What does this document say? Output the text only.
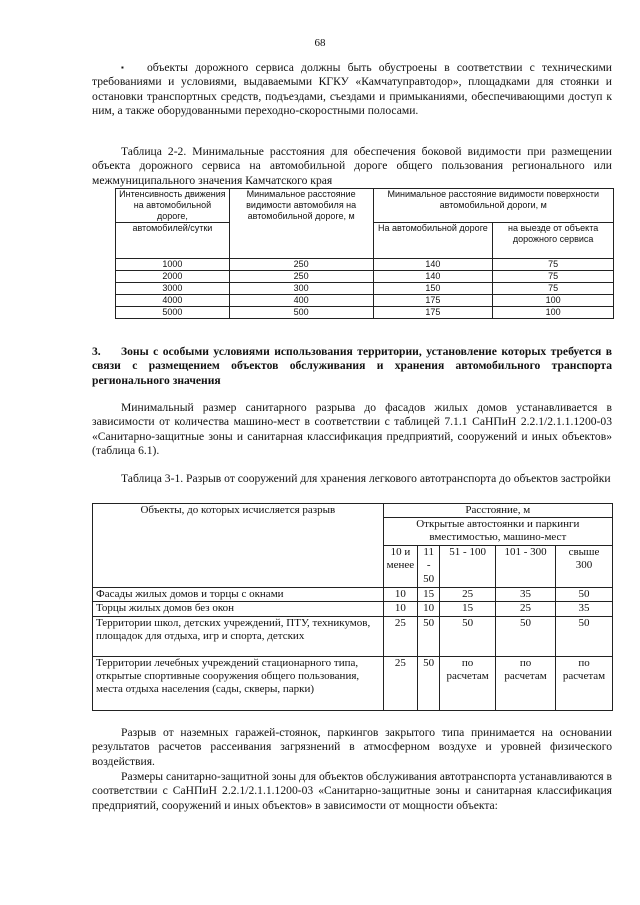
68
▪ объекты дорожного сервиса должны быть обустроены в соответствии с техническими требованиями и условиями, выдаваемыми КГКУ «Камчатуправтодор», площадками для стоянки и остановки транспортных средств, подъездами, съездами и примыканиями, обеспечивающими доступ к ним, а также оборудованными переходно-скоростными полосами.
Таблица 2-2. Минимальные расстояния для обеспечения боковой видимости при размещении объекта дорожного сервиса на автомобильной дороге общего пользования регионального или межмуниципального значения Камчатского края
Интенсивность движения на автомобильной дороге,	Минимальное расстояние видимости автомобиля на автомобильной дороге, м	Минимальное расстояние видимости поверхности автомобильной дороги, м	
автомобилей/сутки		На автомобильной дороге	на выезде от объекта дорожного сервиса
1000	250	140	75
2000	250	140	75
3000	300	150	75
4000	400	175	100
5000	500	175	100
3. Зоны с особыми условиями использования территории, установление которых требуется в связи с размещением объектов обслуживания и хранения автомобильного транспорта регионального значения
Минимальный размер санитарного разрыва до фасадов жилых домов устанавливается в зависимости от количества машино-мест в соответствии с таблицей 7.1.1 СаНПиН 2.2.1/2.1.1.1200-03 «Санитарно-защитные зоны и санитарная классификация предприятий, сооружений и иных объектов» (таблица 6.1).
Таблица 3-1. Разрыв от сооружений для хранения легкового автотранспорта до объектов застройки
Объекты, до которых исчисляется разрыв	Расстояние, м				
	Открытые автостоянки и паркинги вместимостью, машино-мест				
	10 и менее	11 - 50	51 - 100	101 - 300	свыше 300
Фасады жилых домов и торцы с окнами	10	15	25	35	50
Торцы жилых домов без окон	10	10	15	25	35
Территории школ, детских учреждений, ПТУ, техникумов, площадок для отдыха, игр и спорта, детских	25	50	50	50	50
Территории лечебных учреждений стационарного типа, открытые спортивные сооружения общего пользования, места отдыха населения (сады, скверы, парки)	25	50	по расчетам	по расчетам	по расчетам
Разрыв от наземных гаражей-стоянок, паркингов закрытого типа принимается на основании результатов расчетов рассеивания загрязнений в атмосферном воздухе и уровней физического воздействия.
Размеры санитарно-защитной зоны для объектов обслуживания автотранспорта устанавливаются в соответствии с СаНПиН 2.2.1/2.1.1.1200-03 «Санитарно-защитные зоны и санитарная классификация предприятий, сооружений и иных объектов» в зависимости от мощности объекта:
